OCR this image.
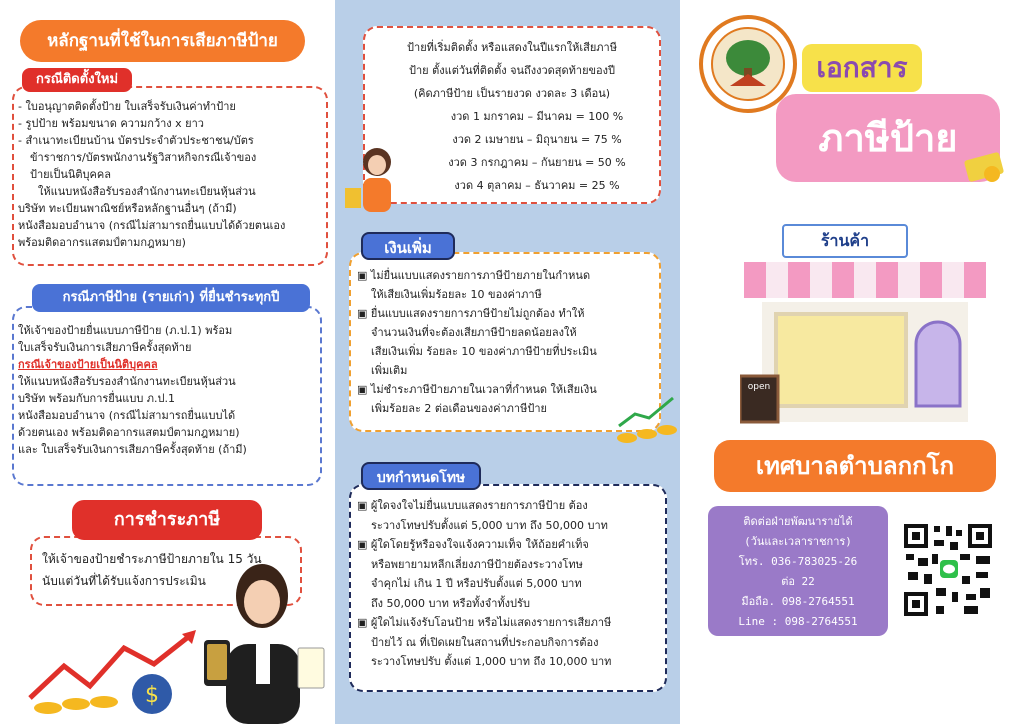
หลักฐานที่ใช้ในการเสียภาษีป้าย
กรณีติดตั้งใหม่

- ใบอนุญาตติดตั้งป้าย ใบเสร็จรับเงินค่าทำป้าย

- รูปป้าย พร้อมขนาด ความกว้าง x ยาว

- สำเนาทะเบียนบ้าน บัตรประจำตัวประชาชน/บัตร

ข้าราชการ/บัตรพนักงานรัฐวิสาหกิจกรณีเจ้าของ

ป้ายเป็นนิติบุคคล

ให้แนบหนังสือรับรองสำนักงานทะเบียนหุ้นส่วน

บริษัท ทะเบียนพาณิชย์หรือหลักฐานอื่นๆ (ถ้ามี)

หนังสือมอบอำนาจ (กรณีไม่สามารถยื่นแบบได้ด้วยตนเอง

พร้อมติดอากรแสตมป์ตามกฎหมาย)

กรณีภาษีป้าย (รายเก่า) ที่ยื่นชำระทุกปี

ให้เจ้าของป้ายยื่นแบบภาษีป้าย (ภ.ป.1) พร้อม

ใบเสร็จรับเงินการเสียภาษีครั้งสุดท้าย

กรณีเจ้าของป้ายเป็นนิติบุคคล

ให้แนบหนังสือรับรองสำนักงานทะเบียนหุ้นส่วน

บริษัท พร้อมกับการยื่นแบบ ภ.ป.1

หนังสือมอบอำนาจ (กรณีไม่สามารถยื่นแบบได้

ด้วยตนเอง พร้อมติดอากรแสตมป์ตามกฎหมาย)

และ ใบเสร็จรับเงินการเสียภาษีครั้งสุดท้าย (ถ้ามี)

การชำระภาษี

ให้เจ้าของป้ายชำระภาษีป้ายภายใน 15 วัน

นับแต่วันที่ได้รับแจ้งการประเมิน

$

ป้ายที่เริ่มติดตั้ง หรือแสดงในปีแรกให้เสียภาษี

ป้าย ตั้งแต่วันที่ติดตั้ง จนถึงงวดสุดท้ายของปี

(คิดภาษีป้าย เป็นรายงวด งวดละ 3 เดือน)

งวด 1 มกราคม – มีนาคม = 100 %

งวด 2 เมษายน – มิถุนายน = 75 %

งวด 3 กรกฎาคม – กันยายน = 50 %

งวด 4 ตุลาคม – ธันวาคม = 25 %

เงินเพิ่ม

▣ ไม่ยื่นแบบแสดงรายการภาษีป้ายภายในกำหนด

ให้เสียเงินเพิ่มร้อยละ 10 ของค่าภาษี

▣ ยื่นแบบแสดงรายการภาษีป้ายไม่ถูกต้อง ทำให้

จำนวนเงินที่จะต้องเสียภาษีป้ายลดน้อยลงให้

เสียเงินเพิ่ม ร้อยละ 10 ของค่าภาษีป้ายที่ประเมิน

เพิ่มเติม

▣ ไม่ชำระภาษีป้ายภายในเวลาที่กำหนด ให้เสียเงิน

เพิ่มร้อยละ 2 ต่อเดือนของค่าภาษีป้าย

บทกำหนดโทษ

▣ ผู้ใดจงใจไม่ยื่นแบบแสดงรายการภาษีป้าย ต้อง

ระวางโทษปรับตั้งแต่ 5,000 บาท ถึง 50,000 บาท

▣ ผู้ใดโดยรู้หรือจงใจแจ้งความเท็จ ให้ถ้อยคำเท็จ

หรือพยายามหลีกเลี่ยงภาษีป้ายต้องระวางโทษ

จำคุกไม่ เกิน 1 ปี หรือปรับตั้งแต่ 5,000 บาท

ถึง 50,000 บาท หรือทั้งจำทั้งปรับ

▣ ผู้ใดไม่แจ้งรับโอนป้าย หรือไม่แสดงรายการเสียภาษี

ป้ายไว้ ณ ที่เปิดเผยในสถานที่ประกอบกิจการต้อง

ระวางโทษปรับ ตั้งแต่ 1,000 บาท ถึง 10,000 บาท

เอกสาร
ภาษีป้าย
ร้านค้า
open
เทศบาลตำบลกกโก

ติดต่อฝ่ายพัฒนารายได้

(วันและเวลาราชการ)

โทร. 036-783025-26

ต่อ 22

มือถือ. 098-2764551

Line : 098-2764551
